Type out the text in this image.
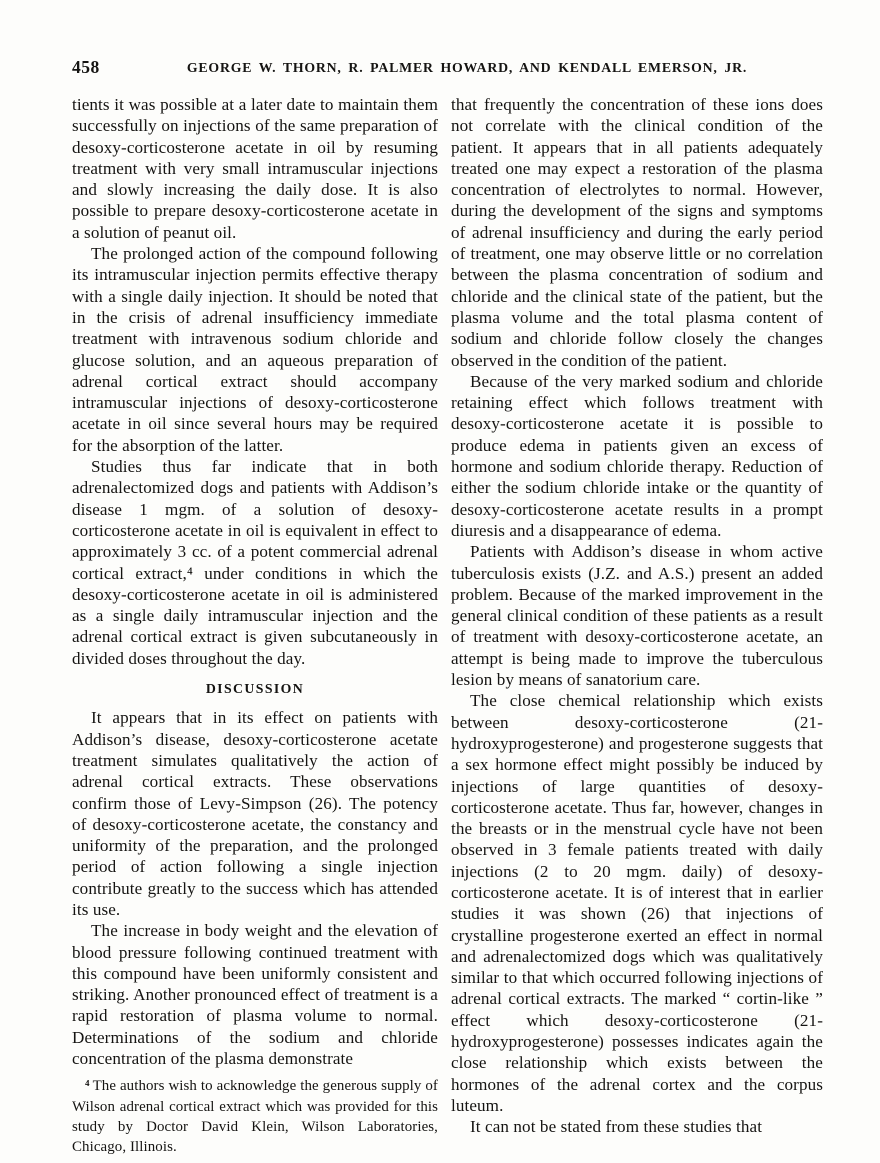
458	GEORGE W. THORN, R. PALMER HOWARD, AND KENDALL EMERSON, JR.

tients it was possible at a later date to maintain them successfully on injections of the same preparation of desoxy-corticosterone acetate in oil by resuming treatment with very small intramuscular injections and slowly increasing the daily dose. It is also possible to prepare desoxy-corticosterone acetate in a solution of peanut oil.

The prolonged action of the compound following its intramuscular injection permits effective therapy with a single daily injection. It should be noted that in the crisis of adrenal insufficiency immediate treatment with intravenous sodium chloride and glucose solution, and an aqueous preparation of adrenal cortical extract should accompany intramuscular injections of desoxy-corticosterone acetate in oil since several hours may be required for the absorption of the latter.

Studies thus far indicate that in both adrenalectomized dogs and patients with Addison’s disease 1 mgm. of a solution of desoxy-corticosterone acetate in oil is equivalent in effect to approximately 3 cc. of a potent commercial adrenal cortical extract,⁴ under conditions in which the desoxy-corticosterone acetate in oil is administered as a single daily intramuscular injection and the adrenal cortical extract is given subcutaneously in divided doses throughout the day.

DISCUSSION

It appears that in its effect on patients with Addison’s disease, desoxy-corticosterone acetate treatment simulates qualitatively the action of adrenal cortical extracts. These observations confirm those of Levy-Simpson (26). The potency of desoxy-corticosterone acetate, the constancy and uniformity of the preparation, and the prolonged period of action following a single injection contribute greatly to the success which has attended its use.

The increase in body weight and the elevation of blood pressure following continued treatment with this compound have been uniformly consistent and striking. Another pronounced effect of treatment is a rapid restoration of plasma volume to normal. Determinations of the sodium and chloride concentration of the plasma demonstrate

⁴ The authors wish to acknowledge the generous supply of Wilson adrenal cortical extract which was provided for this study by Doctor David Klein, Wilson Laboratories, Chicago, Illinois.

that frequently the concentration of these ions does not correlate with the clinical condition of the patient. It appears that in all patients adequately treated one may expect a restoration of the plasma concentration of electrolytes to normal. However, during the development of the signs and symptoms of adrenal insufficiency and during the early period of treatment, one may observe little or no correlation between the plasma concentration of sodium and chloride and the clinical state of the patient, but the plasma volume and the total plasma content of sodium and chloride follow closely the changes observed in the condition of the patient.

Because of the very marked sodium and chloride retaining effect which follows treatment with desoxy-corticosterone acetate it is possible to produce edema in patients given an excess of hormone and sodium chloride therapy. Reduction of either the sodium chloride intake or the quantity of desoxy-corticosterone acetate results in a prompt diuresis and a disappearance of edema.

Patients with Addison’s disease in whom active tuberculosis exists (J.Z. and A.S.) present an added problem. Because of the marked improvement in the general clinical condition of these patients as a result of treatment with desoxy-corticosterone acetate, an attempt is being made to improve the tuberculous lesion by means of sanatorium care.

The close chemical relationship which exists between desoxy-corticosterone (21-hydroxyprogesterone) and progesterone suggests that a sex hormone effect might possibly be induced by injections of large quantities of desoxy-corticosterone acetate. Thus far, however, changes in the breasts or in the menstrual cycle have not been observed in 3 female patients treated with daily injections (2 to 20 mgm. daily) of desoxy-corticosterone acetate. It is of interest that in earlier studies it was shown (26) that injections of crystalline progesterone exerted an effect in normal and adrenalectomized dogs which was qualitatively similar to that which occurred following injections of adrenal cortical extracts. The marked “ cortin-like ” effect which desoxy-corticosterone (21-hydroxyprogesterone) possesses indicates again the close relationship which exists between the hormones of the adrenal cortex and the corpus luteum.

It can not be stated from these studies that
